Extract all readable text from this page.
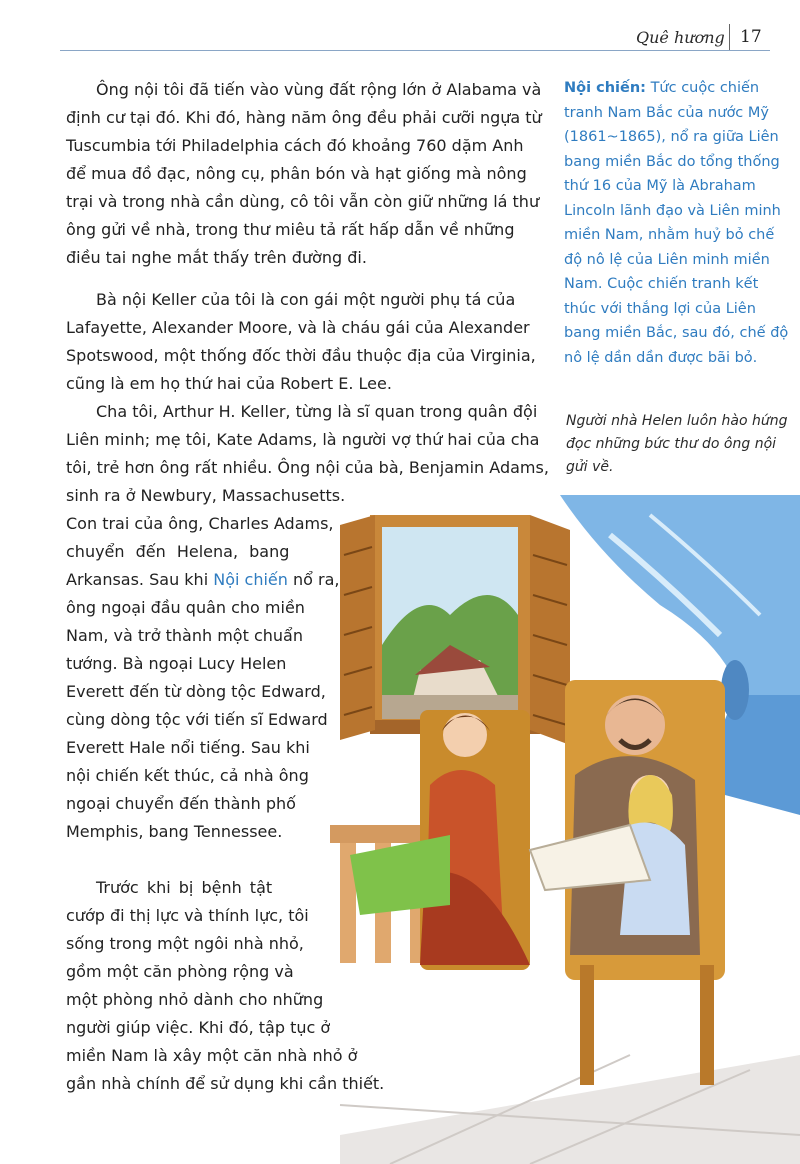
Quê hương 17

Ông nội tôi đã tiến vào vùng đất rộng lớn ở Alabama và
định cư tại đó. Khi đó, hàng năm ông đều phải cưỡi ngựa từ
Tuscumbia tới Philadelphia cách đó khoảng 760 dặm Anh
để mua đồ đạc, nông cụ, phân bón và hạt giống mà nông
trại và trong nhà cần dùng, cô tôi vẫn còn giữ những lá thư
ông gửi về nhà, trong thư miêu tả rất hấp dẫn về những
điều tai nghe mắt thấy trên đường đi.

Bà nội Keller của tôi là con gái một người phụ tá của
Lafayette, Alexander Moore, và là cháu gái của Alexander
Spotswood, một thống đốc thời đầu thuộc địa của Virginia,
cũng là em họ thứ hai của Robert E. Lee.

Cha tôi, Arthur H. Keller, từng là sĩ quan trong quân đội
Liên minh; mẹ tôi, Kate Adams, là người vợ thứ hai của cha
tôi, trẻ hơn ông rất nhiều. Ông nội của bà, Benjamin Adams,
sinh ra ở Newbury, Massachusetts.
Con trai của ông, Charles Adams,
chuyển đến Helena, bang
Arkansas. Sau khi Nội chiến nổ ra,
ông ngoại đầu quân cho miền
Nam, và trở thành một chuẩn
tướng. Bà ngoại Lucy Helen
Everett đến từ dòng tộc Edward,
cùng dòng tộc với tiến sĩ Edward
Everett Hale nổi tiếng. Sau khi
nội chiến kết thúc, cả nhà ông
ngoại chuyển đến thành phố
Memphis, bang Tennessee.

Trước khi bị bệnh tật
cướp đi thị lực và thính lực, tôi
sống trong một ngôi nhà nhỏ,
gồm một căn phòng rộng và
một phòng nhỏ dành cho những
người giúp việc. Khi đó, tập tục ở
miền Nam là xây một căn nhà nhỏ ở
gần nhà chính để sử dụng khi cần thiết.

Nội chiến: Tức cuộc chiến
tranh Nam Bắc của nước Mỹ
(1861~1865), nổ ra giữa Liên
bang miền Bắc do tổng thống
thứ 16 của Mỹ là Abraham
Lincoln lãnh đạo và Liên minh
miền Nam, nhằm huỷ bỏ chế
độ nô lệ của Liên minh miền
Nam. Cuộc chiến tranh kết
thúc với thắng lợi của Liên
bang miền Bắc, sau đó, chế độ
nô lệ dần dần được bãi bỏ.

Người nhà Helen luôn hào hứng
đọc những bức thư do ông nội
gửi về.
